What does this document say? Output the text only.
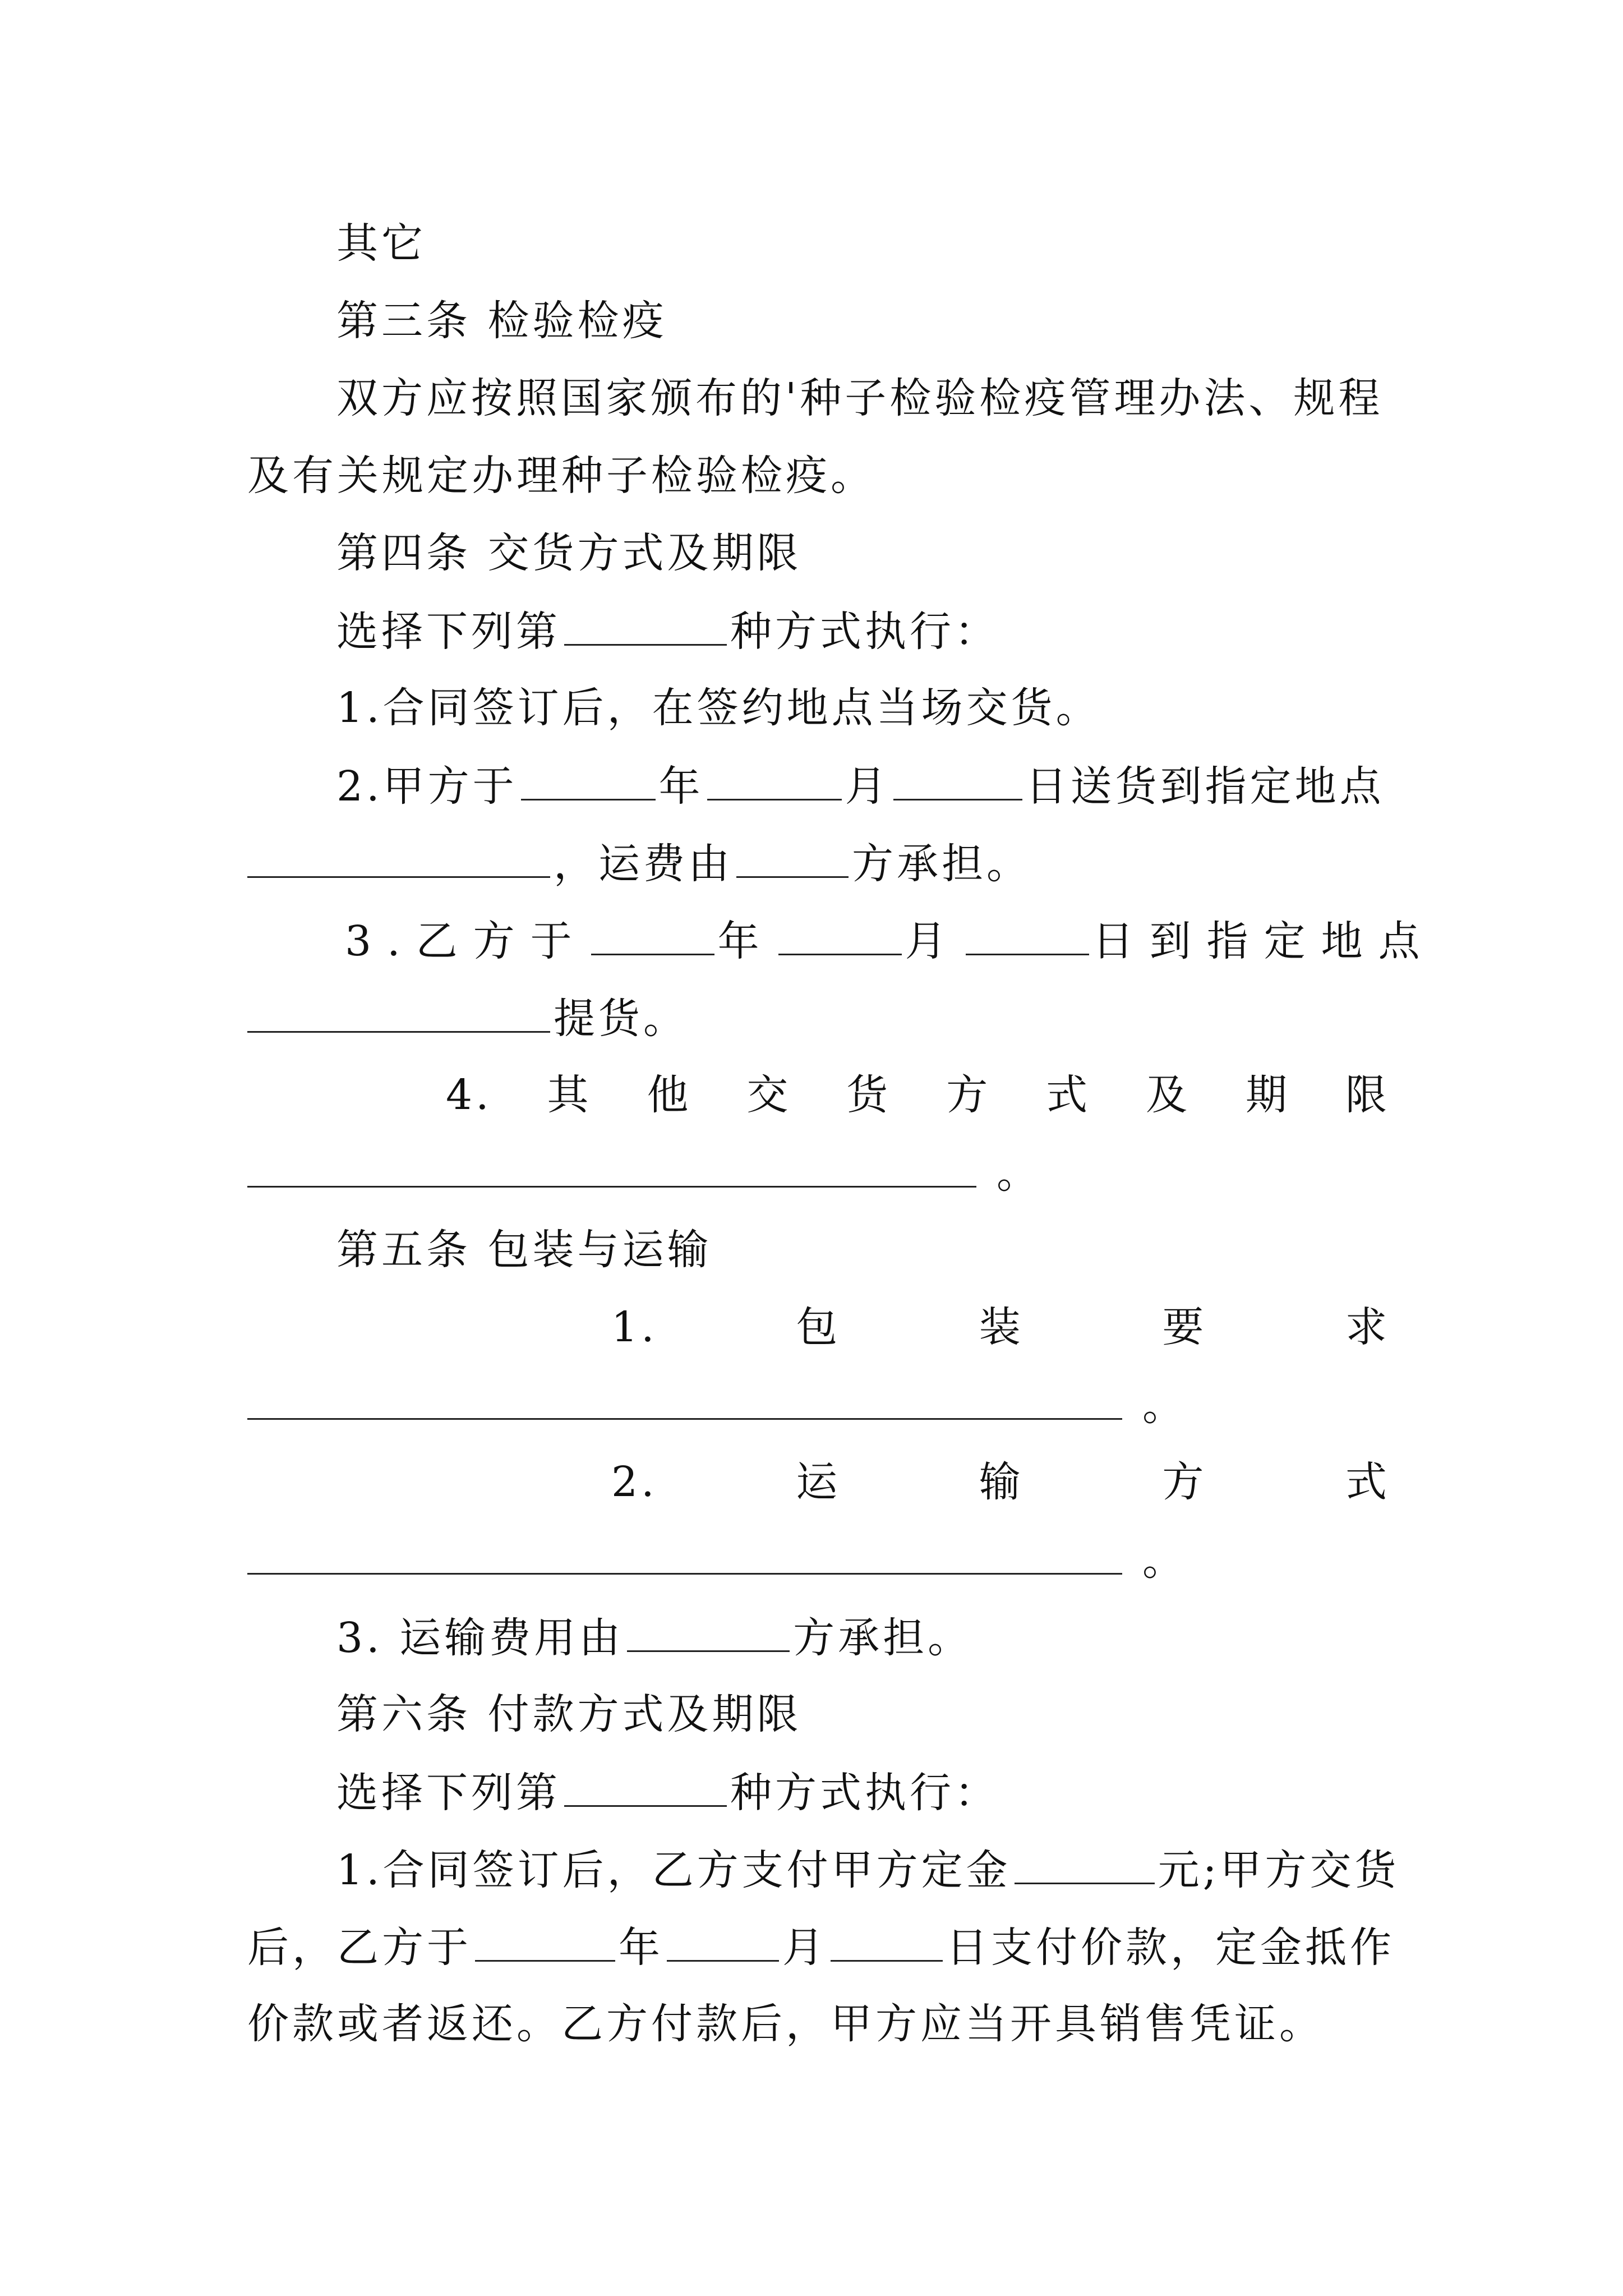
其它
第三条 检验检疫
双方应按照国家颁布的'种子检验检疫管理办法、规程
及有关规定办理种子检验检疫。
第四条 交货方式及期限
选择下列第	种方式执行：
1.合同签订后，在签约地点当场交货。
2.甲方于	年	月	日送货到指定地点
，运费由	方承担。
3.乙方于	年	月	日到指定地点
提货。
4. 其 他 交 货 方 式 及 期 限
。
第五条 包装与运输
1.	包	装	要	求
。
2.	运	输	方	式
。
3. 运输费用由	方承担。
第六条 付款方式及期限
选择下列第	种方式执行：
1.合同签订后，乙方支付甲方定金	元;甲方交货
后，乙方于	年	月	日支付价款，定金抵作
价款或者返还。乙方付款后，甲方应当开具销售凭证。
